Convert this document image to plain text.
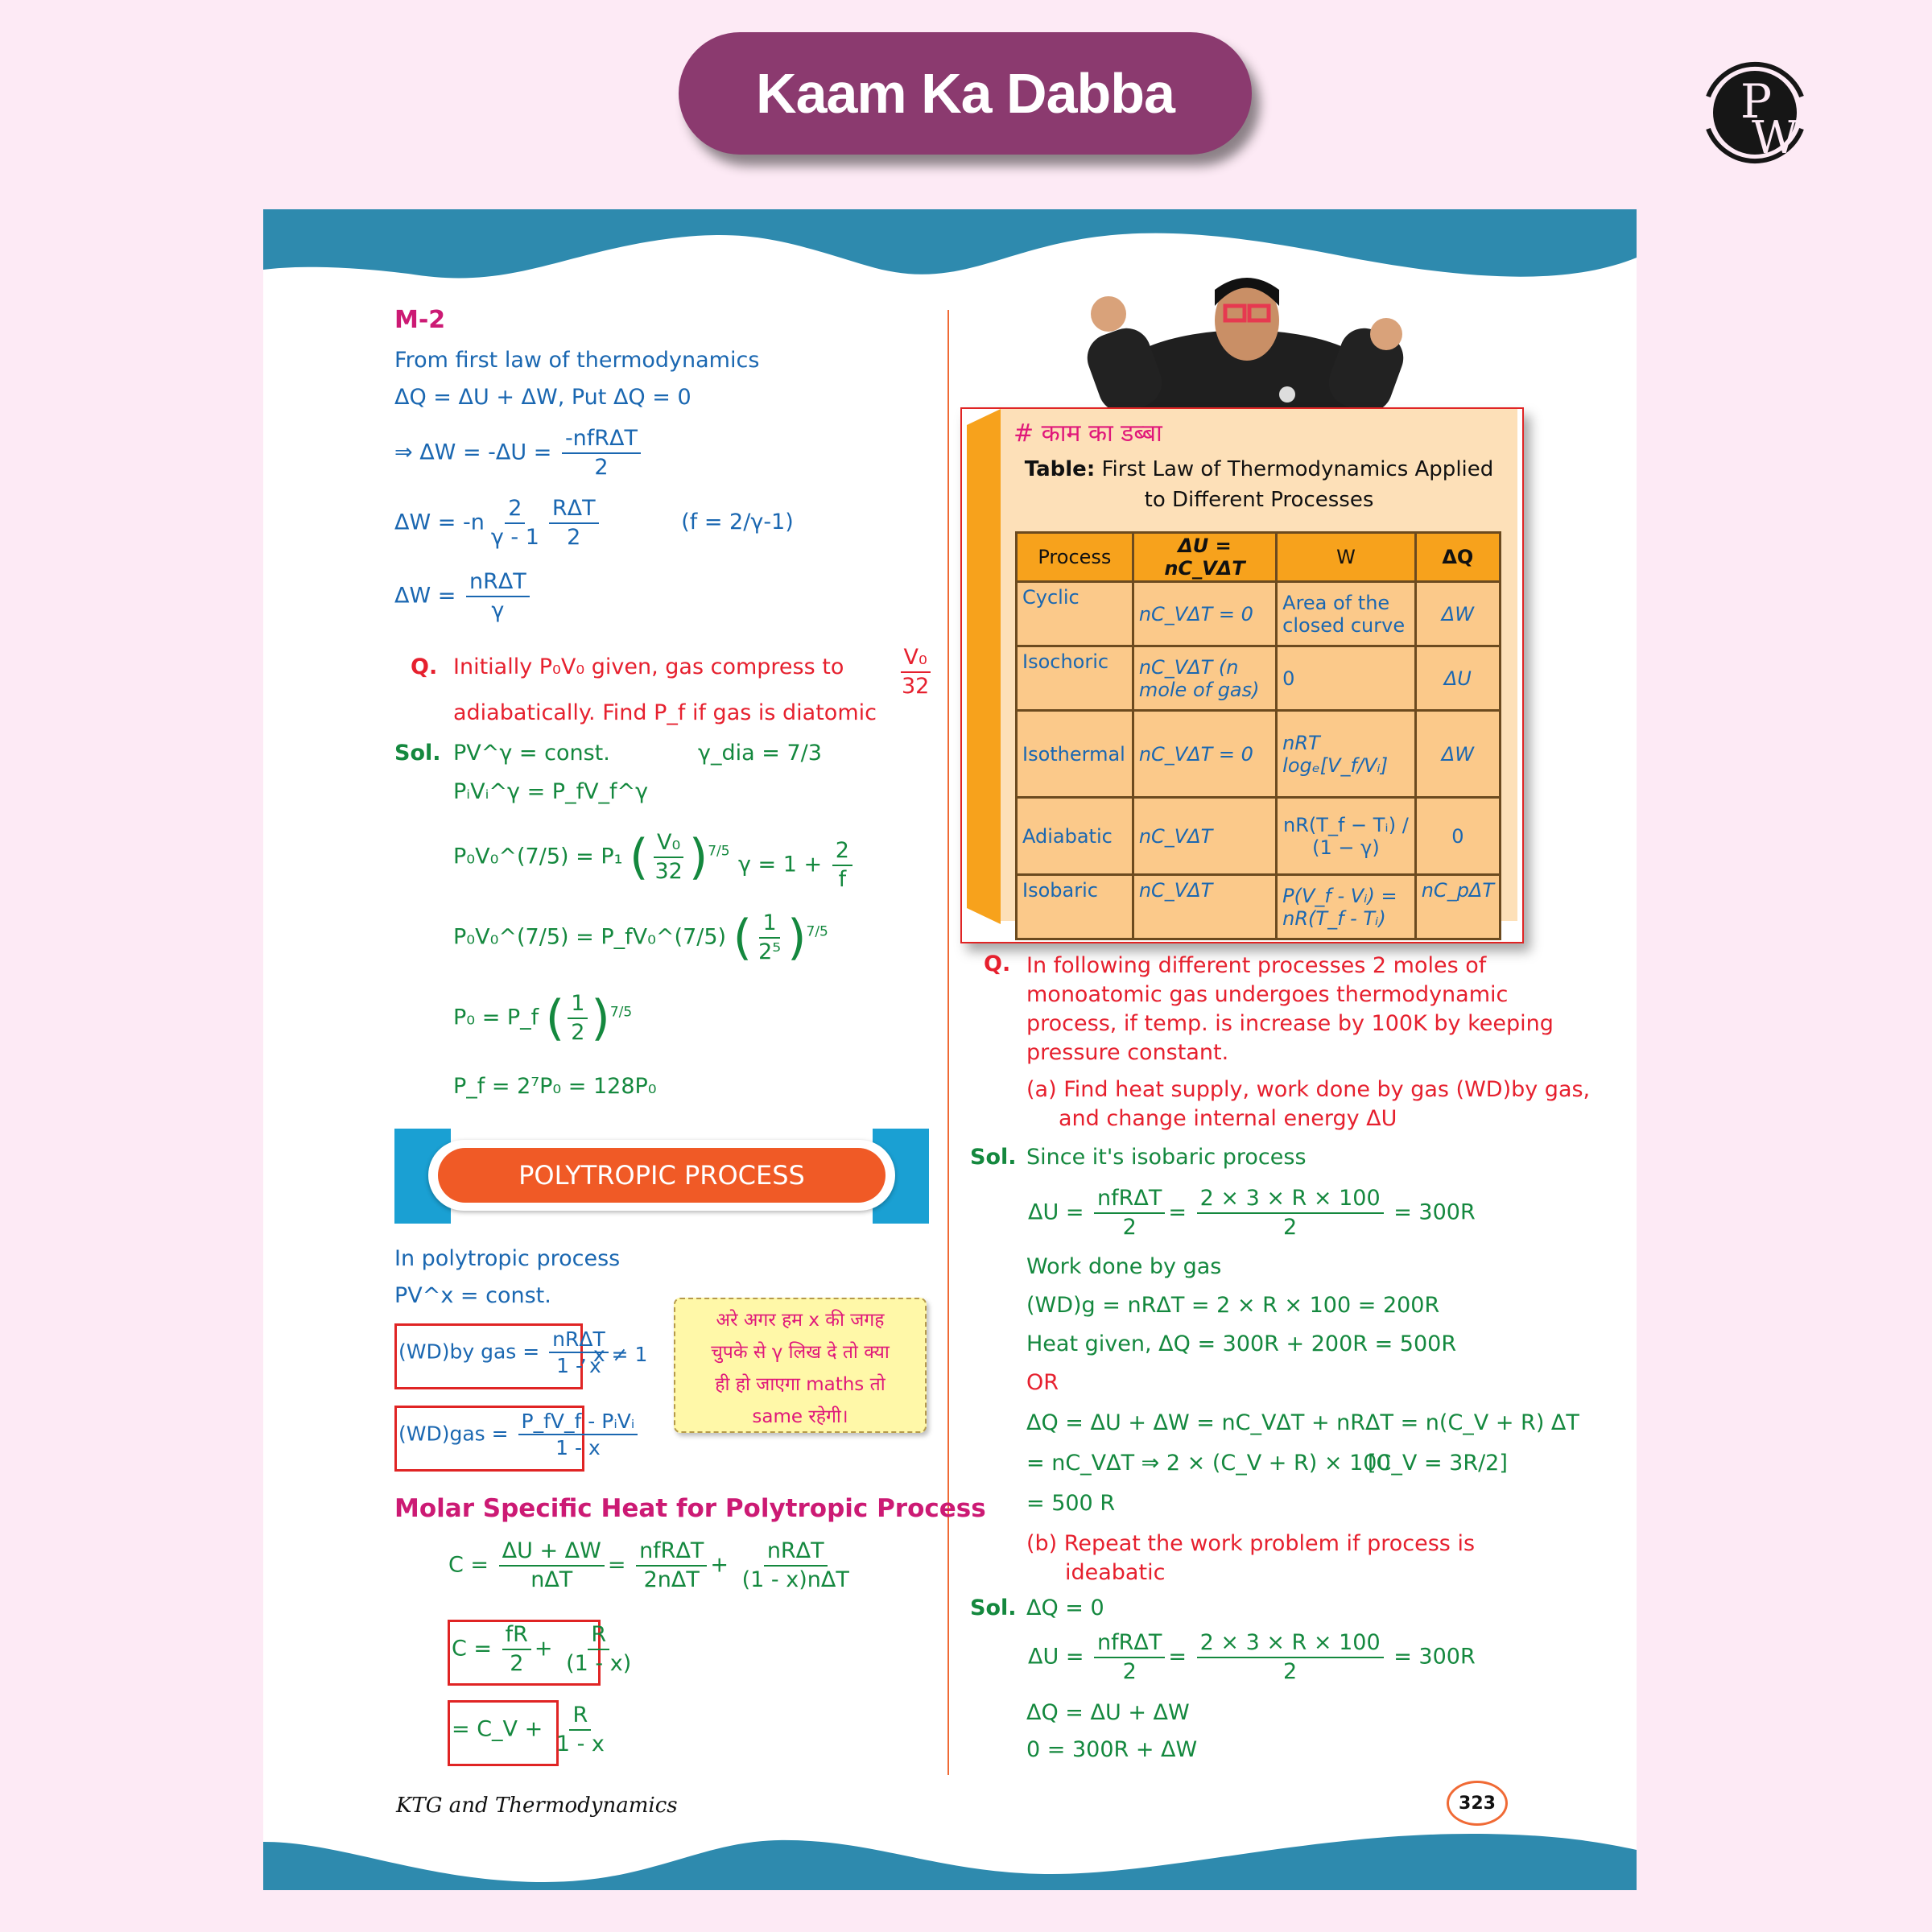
Kaam Ka Dabba	P
W
M-2
From first law of thermodynamics
ΔQ = ΔU + ΔW, Put ΔQ = 0
⇒ $\Delta W = -\Delta U = \frac{\text{-nfRΔT}}{2}$
$\Delta W = -n \frac{2}{\gamma - 1} \frac{\text{RΔT}}{2}$	(f = 2/γ-1)
$\Delta W = \frac{\text{nRΔT}}{\gamma}$
Q. Initially P₀V₀ given, gas compress to	$\frac{\text{V₀}}{32}$
adiabatically. Find P_f if gas is diatomic
Sol. PV^γ = const.	γ_dia = 7/3
PᵢVᵢ^γ = P_fV_f^γ
P₀V₀^(7/5) = P₁ ( $\frac{\text{V₀}}{32} )^{7/5}$
$\gamma = 1 + \frac{2}{f}$
P₀V₀^(7/5) = P_fV₀^(7/5) ( $\frac{1}{\text{2⁵}} )^{7/5}$
P₀ = P_f ( $\frac{1}{2} )^{7/5}$
P_f = 2⁷P₀ = 128P₀
POLYTROPIC PROCESS
In polytropic process
PV^x = const.
(WD)by gas = $\frac{\text{nRΔT}}{1 - x}$
, x ≠ 1
$(WD)gas = \frac{\text{P\_fV\_f - PᵢVᵢ}}{1 - x}$
अरे अगर हम x की जगह
चुपके से γ लिख दे तो क्या
ही हो जाएगा maths तो
same रहेगी।
Molar Specific Heat for Polytropic Process
$C = \frac{\Delta U + \Delta W}{\text{nΔT}} = \frac{\text{nfRΔT}}{\text{2nΔT}} + \frac{\text{nRΔT}}{\text{(1 - x)nΔT}}$
$C = \frac{fR}{2} + \frac{R}{(1 - x)}$
= C_V + $\frac{R}{1 - x}$
# काम का डब्बा
Table: First Law of Thermodynamics Applied
to Different Processes
Process	ΔU = nC_VΔT	W	ΔQ
Cyclic	nC_VΔT = 0	Area of the closed curve	ΔW
Isochoric	nC_VΔT (n mole of gas)	0	ΔU
Isothermal	nC_VΔT = 0	nRT logₑ[V_f/Vᵢ]	ΔW
Adiabatic	nC_VΔT	nR(T_f − Tᵢ) / (1 − γ)	0
Isobaric	nC_VΔT	P(V_f - Vᵢ) = nR(T_f - Tᵢ)	nC_pΔT
Q. In following different processes 2 moles of
monoatomic gas undergoes thermodynamic
process, if temp. is increase by 100K by keeping
pressure constant.
(a) Find heat supply, work done by gas (WD)by gas,
and change internal energy ΔU
Sol. Since it's isobaric process
$\Delta U = \frac{\text{nfRΔT}}{2} = \frac{2 \times 3 \times R \times 100}{2} = 300R$
Work done by gas
(WD)g = nRΔT = 2 × R × 100 = 200R
Heat given, ΔQ = 300R + 200R = 500R
OR
ΔQ = ΔU + ΔW = nC_VΔT + nRΔT = n(C_V + R) ΔT
= nC_VΔT ⇒ 2 × (C_V + R) × 100
[C_V = 3R/2]
= 500 R
(b) Repeat the work problem if process is
ideabatic
Sol. ΔQ = 0
$\Delta U = \frac{\text{nfRΔT}}{2} = \frac{2 \times 3 \times R \times 100}{2} = 300R$
ΔQ = ΔU + ΔW
0 = 300R + ΔW
KTG and Thermodynamics	323
